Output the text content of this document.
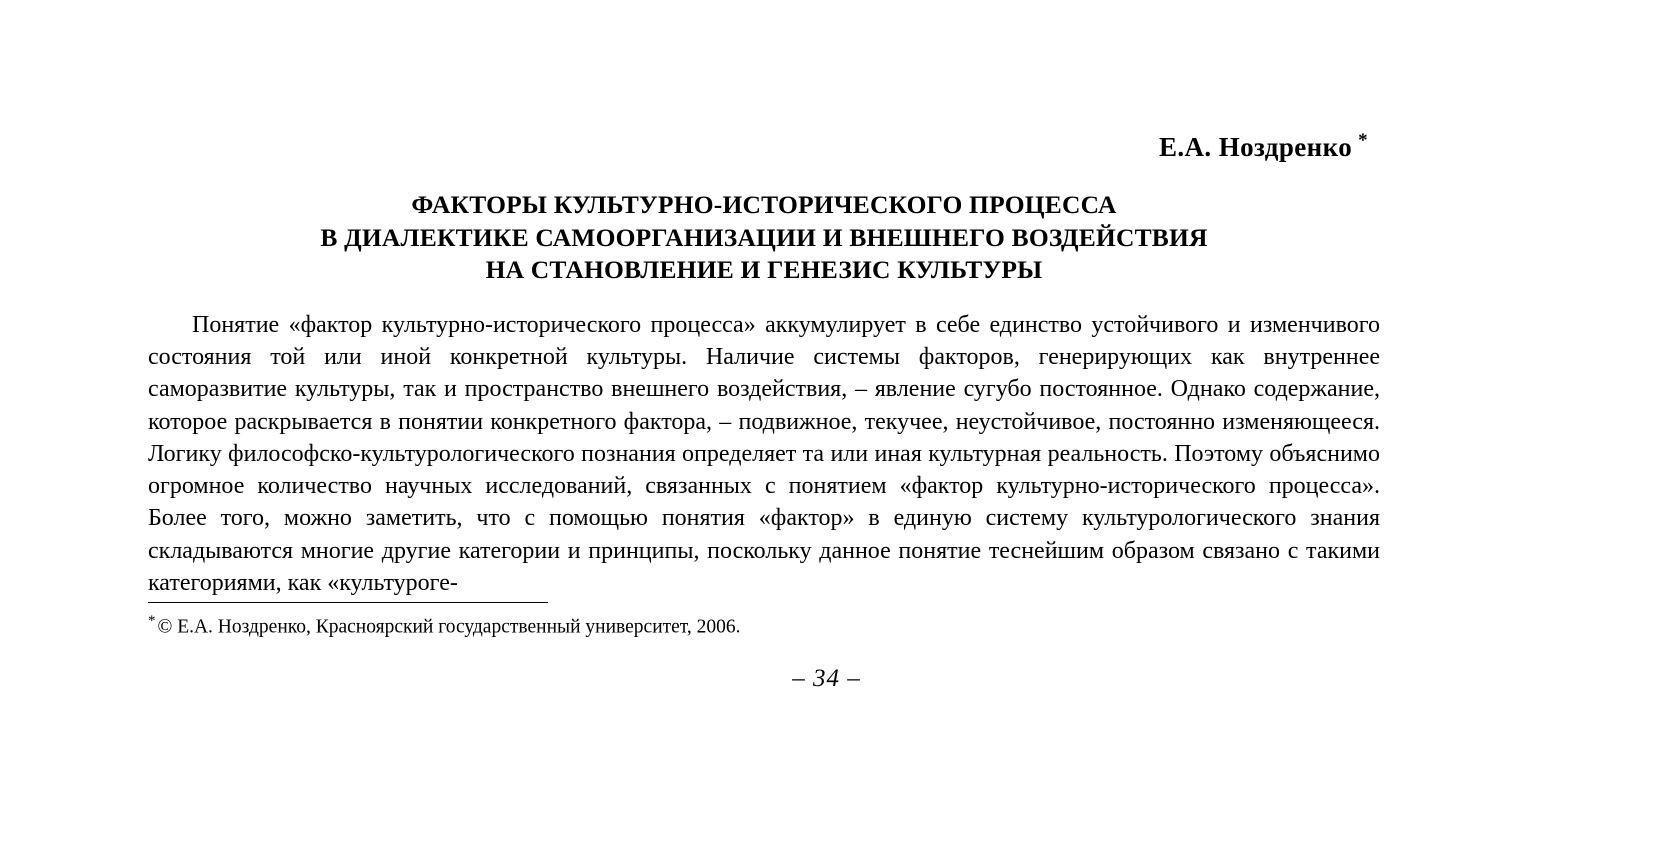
Е.А. Ноздренко *
ФАКТОРЫ КУЛЬТУРНО-ИСТОРИЧЕСКОГО ПРОЦЕССА
В ДИАЛЕКТИКЕ САМООРГАНИЗАЦИИ И ВНЕШНЕГО ВОЗДЕЙСТВИЯ
НА СТАНОВЛЕНИЕ И ГЕНЕЗИС КУЛЬТУРЫ

Понятие «фактор культурно-исторического процесса» аккумулирует в себе единство устойчивого и изменчивого состояния той или иной конкретной культуры. Наличие системы факторов, генерирующих как внутреннее саморазвитие культуры, так и пространство внешнего воздействия, – явление сугубо постоянное. Однако содержание, которое раскрывается в понятии конкретного фактора, – подвижное, текучее, неустойчивое, постоянно изменяющееся. Логику философско-культурологического познания определяет та или иная культурная реальность. Поэтому объяснимо огромное количество научных исследований, связанных с понятием «фактор культурно-исторического процесса». Более того, можно заметить, что с помощью понятия «фактор» в единую систему культурологического знания складываются многие другие категории и принципы, поскольку данное понятие теснейшим образом связано с такими категориями, как «культуроге-

* © Е.А. Ноздренко, Красноярский государственный университет, 2006.
– 34 –
